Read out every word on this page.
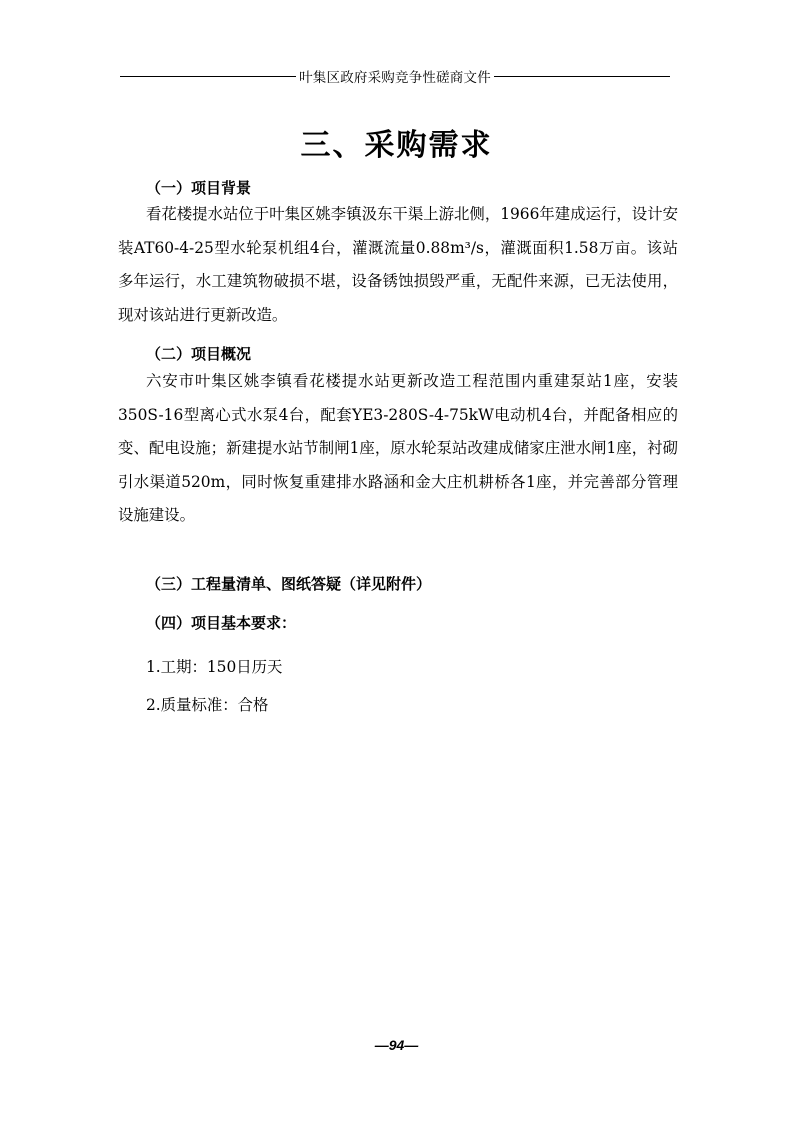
叶集区政府采购竞争性磋商文件
三、采购需求
（一）项目背景

看花楼提水站位于叶集区姚李镇汲东干渠上游北侧，1966年建成运行，设计安装AT60-4-25型水轮泵机组4台，灌溉流量0.88m³/s，灌溉面积1.58万亩。该站多年运行，水工建筑物破损不堪，设备锈蚀损毁严重，无配件来源，已无法使用，现对该站进行更新改造。

（二）项目概况

六安市叶集区姚李镇看花楼提水站更新改造工程范围内重建泵站1座，安装350S-16型离心式水泵4台，配套YE3-280S-4-75kW电动机4台，并配备相应的变、配电设施；新建提水站节制闸1座，原水轮泵站改建成储家庄泄水闸1座，衬砌引水渠道520m，同时恢复重建排水路涵和金大庄机耕桥各1座，并完善部分管理设施建设。

（三）工程量清单、图纸答疑（详见附件）
（四）项目基本要求：
1.工期：150日历天
2.质量标准：合格
—94—
